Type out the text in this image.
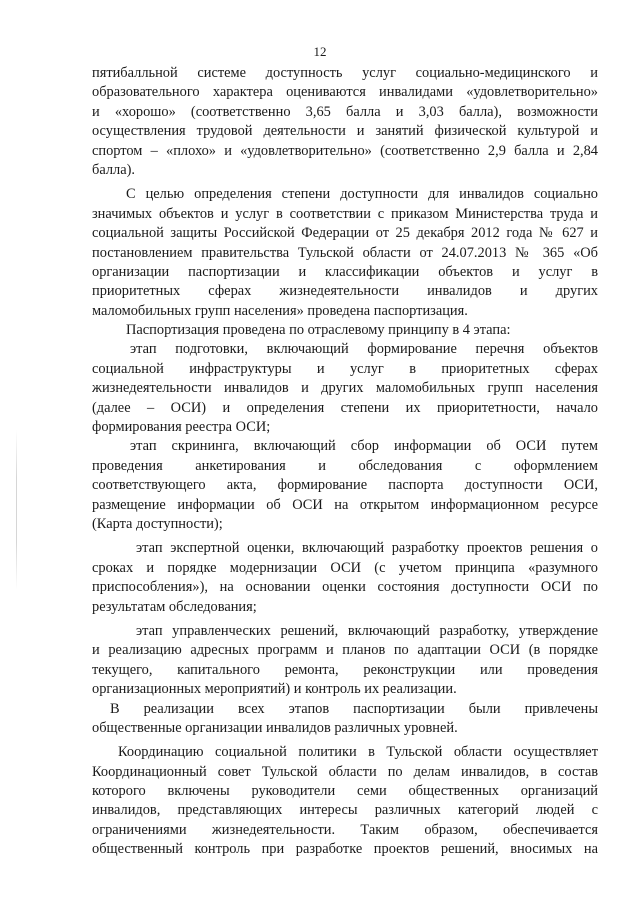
12
пятибалльной системе доступность услуг социально-медицинского и
образовательного характера оцениваются инвалидами «удовлетворительно»
и «хорошо» (соответственно 3,65 балла и 3,03 балла), возможности
осуществления трудовой деятельности и занятий физической культурой и
спортом – «плохо» и «удовлетворительно» (соответственно 2,9 балла и 2,84
балла).
С целью определения степени доступности для инвалидов социально
значимых объектов и услуг в соответствии с приказом Министерства труда и
социальной защиты Российской Федерации от 25 декабря 2012 года № 627 и
постановлением правительства Тульской области от 24.07.2013 № 365 «Об
организации паспортизации и классификации объектов и услуг в
приоритетных сферах жизнедеятельности инвалидов и других
маломобильных групп населения» проведена паспортизация.
Паспортизация проведена по отраслевому принципу в 4 этапа:
этап подготовки, включающий формирование перечня объектов
социальной инфраструктуры и услуг в приоритетных сферах
жизнедеятельности инвалидов и других маломобильных групп населения
(далее – ОСИ) и определения степени их приоритетности, начало
формирования реестра ОСИ;
этап скрининга, включающий сбор информации об ОСИ путем
проведения анкетирования и обследования с оформлением
соответствующего акта, формирование паспорта доступности ОСИ,
размещение информации об ОСИ на открытом информационном ресурсе
(Карта доступности);
этап экспертной оценки, включающий разработку проектов решения о
сроках и порядке модернизации ОСИ (с учетом принципа «разумного
приспособления»), на основании оценки состояния доступности ОСИ по
результатам обследования;
этап управленческих решений, включающий разработку, утверждение
и реализацию адресных программ и планов по адаптации ОСИ (в порядке
текущего, капитального ремонта, реконструкции или проведения
организационных мероприятий) и контроль их реализации.
В реализации всех этапов паспортизации были привлечены
общественные организации инвалидов различных уровней.
Координацию социальной политики в Тульской области осуществляет
Координационный совет Тульской области по делам инвалидов, в состав
которого включены руководители семи общественных организаций
инвалидов, представляющих интересы различных категорий людей с
ограничениями жизнедеятельности. Таким образом, обеспечивается
общественный контроль при разработке проектов решений, вносимых на
